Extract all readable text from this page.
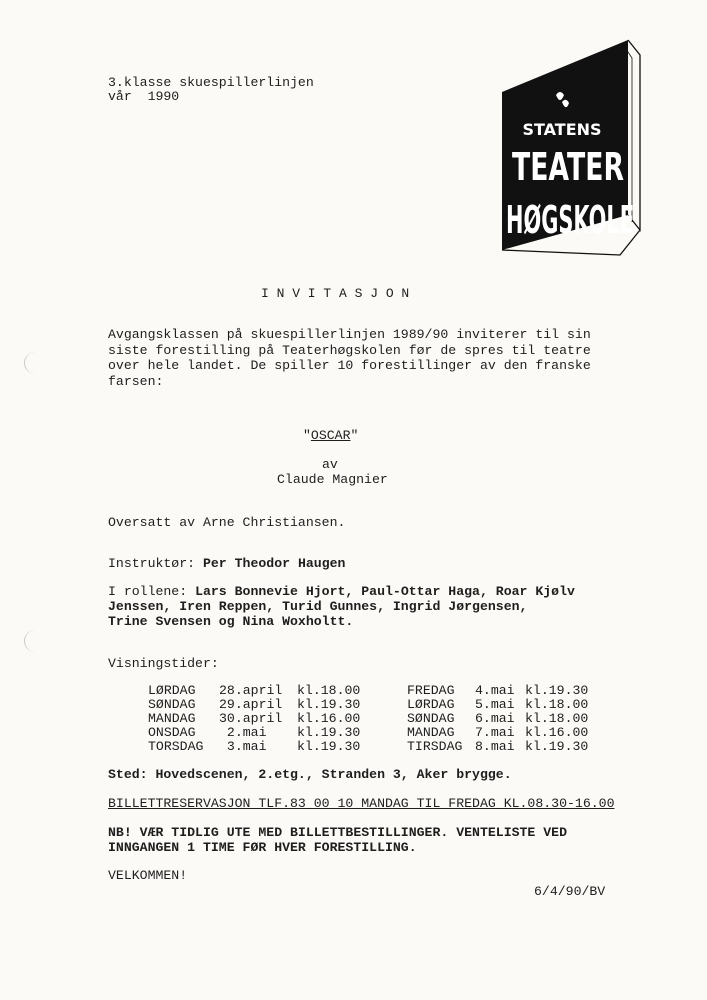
3.klasse skuespillerlinjen
vår  1990
STATENS
TEATER
HØGSKOLE
I N V I T A S J O N
Avgangsklassen på skuespillerlinjen 1989/90 inviterer til sin
siste forestilling på Teaterhøgskolen før de spres til teatre
over hele landet. De spiller 10 forestillinger av den franske
farsen:
"OSCAR"
av
Claude Magnier
Oversatt av Arne Christiansen.
Instruktør: Per Theodor Haugen
I rollene: Lars Bonnevie Hjort, Paul-Ottar Haga, Roar Kjølv
Jenssen, Iren Reppen, Turid Gunnes, Ingrid Jørgensen,
Trine Svensen og Nina Woxholtt.
Visningstider:
LØRDAG 28.april kl.18.00
SØNDAG 29.april kl.19.30
MANDAG 30.april kl.16.00
ONSDAG 2.mai kl.19.30
TORSDAG 3.mai kl.19.30
FREDAG 4.mai kl.19.30
LØRDAG 5.mai kl.18.00
SØNDAG 6.mai kl.18.00
MANDAG 7.mai kl.16.00
TIRSDAG 8.mai kl.19.30
Sted: Hovedscenen, 2.etg., Stranden 3, Aker brygge.
BILLETTRESERVASJON TLF.83 00 10 MANDAG TIL FREDAG KL.08.30-16.00
NB! VÆR TIDLIG UTE MED BILLETTBESTILLINGER. VENTELISTE VED
INNGANGEN 1 TIME FØR HVER FORESTILLING.
VELKOMMEN!
6/4/90/BV
